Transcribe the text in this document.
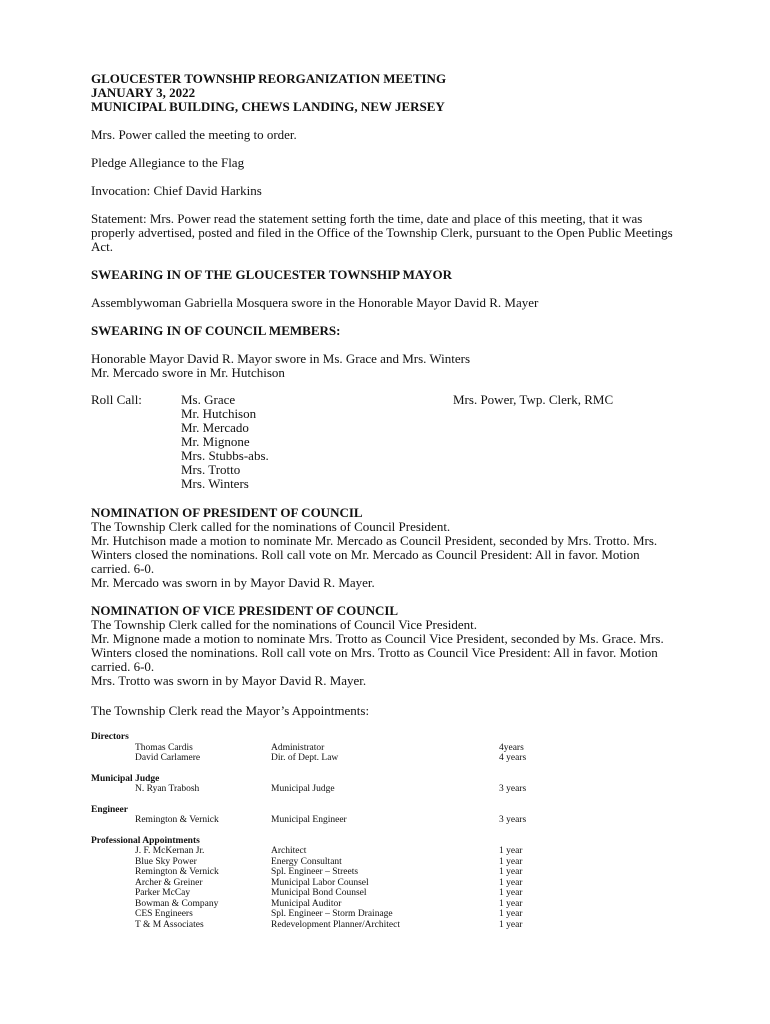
GLOUCESTER TOWNSHIP REORGANIZATION MEETING

JANUARY 3, 2022

MUNICIPAL BUILDING, CHEWS LANDING, NEW JERSEY

Mrs. Power called the meeting to order.

Pledge Allegiance to the Flag

Invocation: Chief David Harkins

Statement: Mrs. Power read the statement setting forth the time, date and place of this meeting, that it was properly advertised, posted and filed in the Office of the Township Clerk, pursuant to the Open Public Meetings Act.

SWEARING IN OF THE GLOUCESTER TOWNSHIP MAYOR

Assemblywoman Gabriella Mosquera swore in the Honorable Mayor David R. Mayer

SWEARING IN OF COUNCIL MEMBERS:

Honorable Mayor David R. Mayor swore in Ms. Grace and Mrs. Winters

Mr. Mercado swore in Mr. Hutchison

Roll Call:	Ms. Grace
Mr. Hutchison
Mr. Mercado
Mr. Mignone
Mrs. Stubbs-abs.
Mrs. Trotto
Mrs. Winters
Mrs. Power, Twp. Clerk, RMC

NOMINATION OF PRESIDENT OF COUNCIL

The Township Clerk called for the nominations of Council President.

Mr. Hutchison made a motion to nominate Mr. Mercado as Council President, seconded by Mrs. Trotto. Mrs. Winters closed the nominations. Roll call vote on Mr. Mercado as Council President: All in favor. Motion carried. 6-0.

Mr. Mercado was sworn in by Mayor David R. Mayer.

NOMINATION OF VICE PRESIDENT OF COUNCIL

The Township Clerk called for the nominations of Council Vice President.

Mr. Mignone made a motion to nominate Mrs. Trotto as Council Vice President, seconded by Ms. Grace. Mrs. Winters closed the nominations. Roll call vote on Mrs. Trotto as Council Vice President: All in favor. Motion carried. 6-0.

Mrs. Trotto was sworn in by Mayor David R. Mayer.

The Township Clerk read the Mayor’s Appointments:

Directors
Thomas Cardis	Administrator	4years
David Carlamere	Dir. of Dept. Law	4 years
Municipal Judge
N. Ryan Trabosh	Municipal Judge	3 years
Engineer
Remington & Vernick	Municipal Engineer	3 years
Professional Appointments
J. F. McKernan Jr.	Architect	1 year
Blue Sky Power	Energy Consultant	1 year
Remington & Vernick	Spl. Engineer – Streets	1 year
Archer & Greiner	Municipal Labor Counsel	1 year
Parker McCay	Municipal Bond Counsel	1 year
Bowman & Company	Municipal Auditor	1 year
CES Engineers	Spl. Engineer – Storm Drainage	1 year
T & M Associates	Redevelopment Planner/Architect	1 year
